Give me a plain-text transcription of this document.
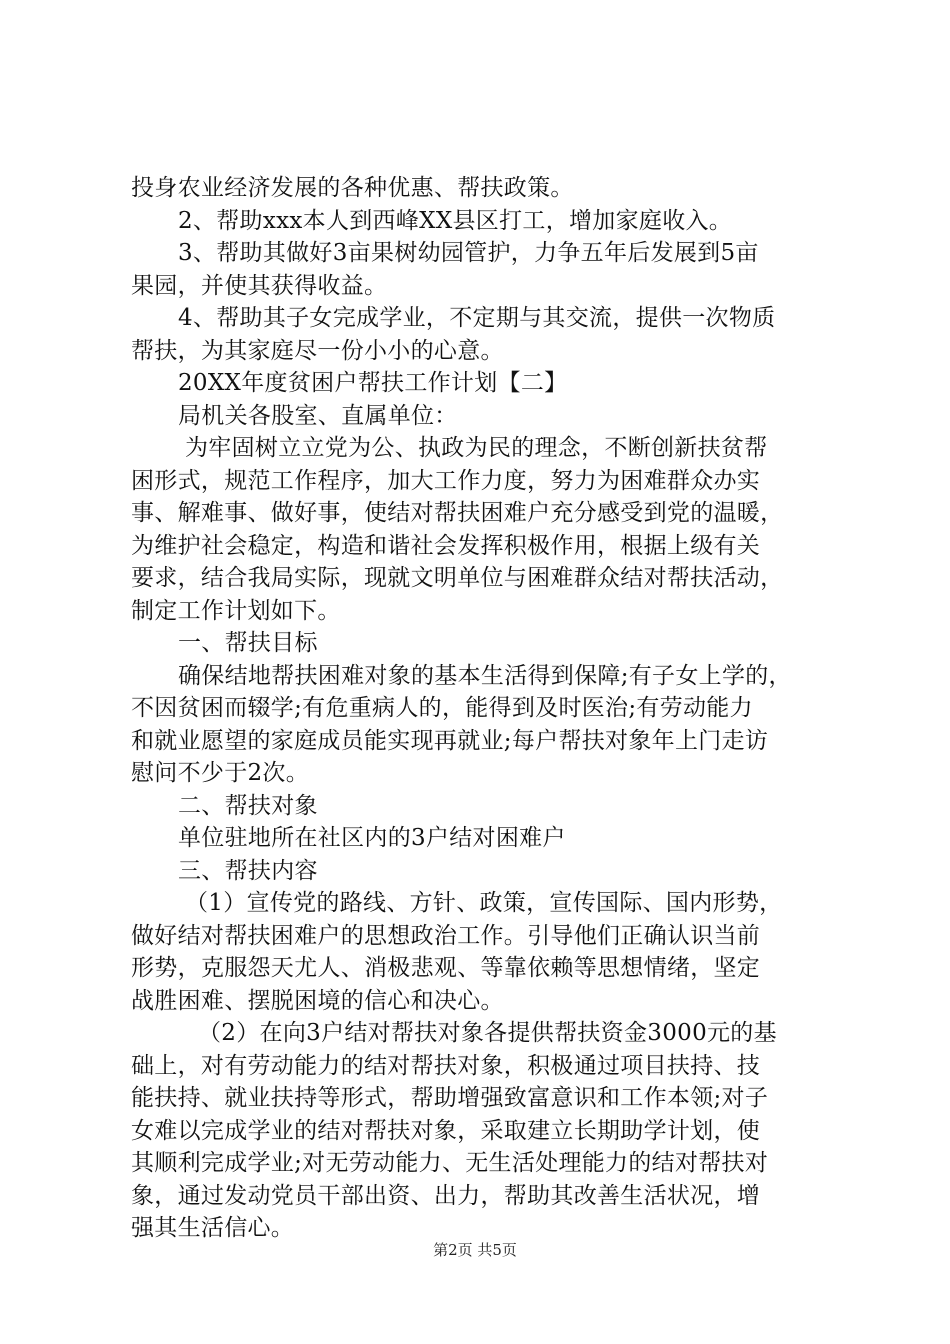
投身农业经济发展的各种优惠、帮扶政策。
2、帮助xxx本人到西峰XX县区打工，增加家庭收入。
3、帮助其做好3亩果树幼园管护，力争五年后发展到5亩
果园，并使其获得收益。
4、帮助其子女完成学业，不定期与其交流，提供一次物质
帮扶，为其家庭尽一份小小的心意。
20XX年度贫困户帮扶工作计划【二】
局机关各股室、直属单位：
为牢固树立立党为公、执政为民的理念，不断创新扶贫帮
困形式，规范工作程序，加大工作力度，努力为困难群众办实
事、解难事、做好事，使结对帮扶困难户充分感受到党的温暖，
为维护社会稳定，构造和谐社会发挥积极作用，根据上级有关
要求，结合我局实际，现就文明单位与困难群众结对帮扶活动，
制定工作计划如下。
一、帮扶目标
确保结地帮扶困难对象的基本生活得到保障;有子女上学的，
不因贫困而辍学;有危重病人的，能得到及时医治;有劳动能力
和就业愿望的家庭成员能实现再就业;每户帮扶对象年上门走访
慰问不少于2次。
二、帮扶对象
单位驻地所在社区内的3户结对困难户
三、帮扶内容
（1）宣传党的路线、方针、政策，宣传国际、国内形势，
做好结对帮扶困难户的思想政治工作。引导他们正确认识当前
形势，克服怨天尤人、消极悲观、等靠依赖等思想情绪，坚定
战胜困难、摆脱困境的信心和决心。
（2）在向3户结对帮扶对象各提供帮扶资金3000元的基
础上，对有劳动能力的结对帮扶对象，积极通过项目扶持、技
能扶持、就业扶持等形式，帮助增强致富意识和工作本领;对子
女难以完成学业的结对帮扶对象，采取建立长期助学计划，使
其顺利完成学业;对无劳动能力、无生活处理能力的结对帮扶对
象，通过发动党员干部出资、出力，帮助其改善生活状况，增
强其生活信心。
第2页 共5页
